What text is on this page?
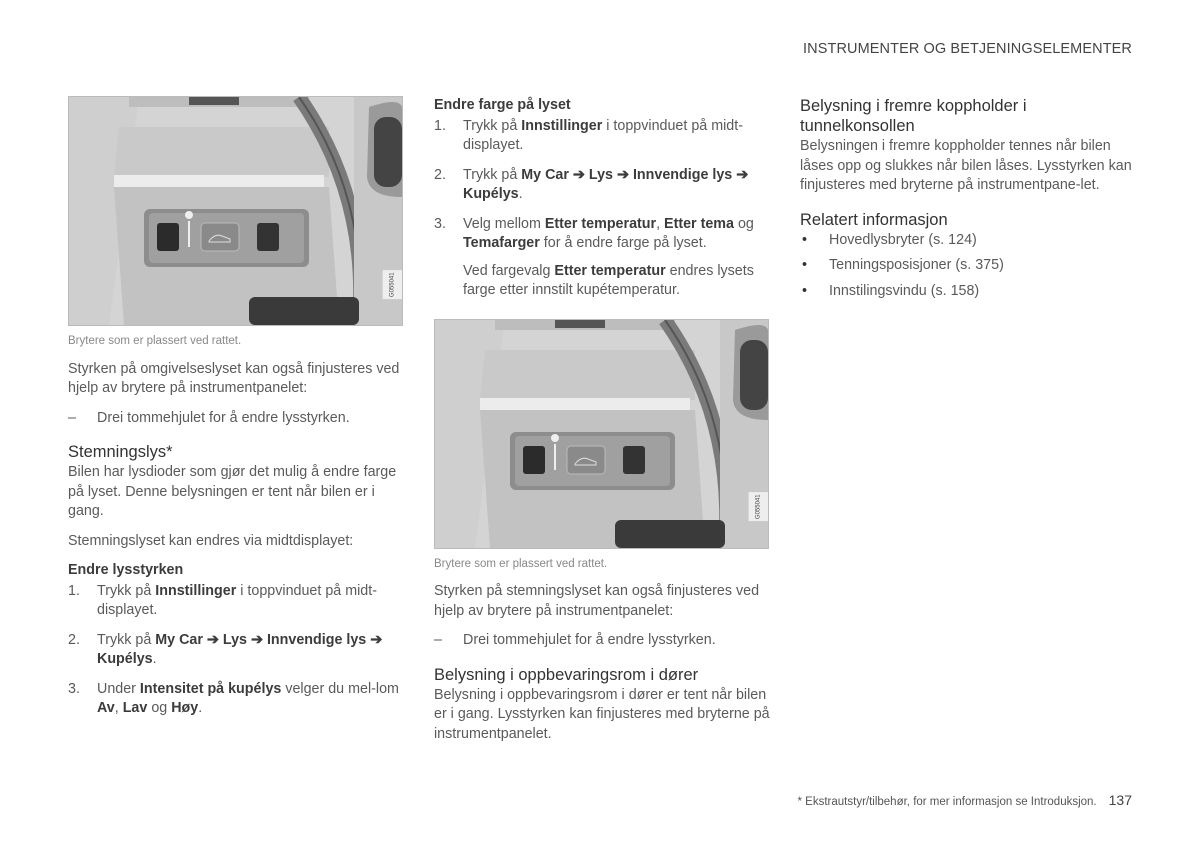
INSTRUMENTER OG BETJENINGSELEMENTER
G055041
Brytere som er plassert ved rattet.

Styrken på omgivelseslyset kan også finjusteres ved hjelp av brytere på instrumentpanelet:

– Drei tommehjulet for å endre lysstyrken.
Stemningslys*

Bilen har lysdioder som gjør det mulig å endre farge på lyset. Denne belysningen er tent når bilen er i gang.

Stemningslyset kan endres via midtdisplayet:

Endre lysstyrken
1. Trykk på Innstillinger i toppvinduet på midt-displayet.
2. Trykk på My Car ➔ Lys ➔ Innvendige lys ➔ Kupélys.
3. Under Intensitet på kupélys velger du mel-lom Av, Lav og Høy.
Endre farge på lyset
1. Trykk på Innstillinger i toppvinduet på midt-displayet.
2. Trykk på My Car ➔ Lys ➔ Innvendige lys ➔ Kupélys.
3. Velg mellom Etter temperatur, Etter tema og Temafarger for å endre farge på lyset.

Ved fargevalg Etter temperatur endres lysets farge etter innstilt kupétemperatur.

G055041
Brytere som er plassert ved rattet.

Styrken på stemningslyset kan også finjusteres ved hjelp av brytere på instrumentpanelet:

– Drei tommehjulet for å endre lysstyrken.
Belysning i oppbevaringsrom i dører

Belysning i oppbevaringsrom i dører er tent når bilen er i gang. Lysstyrken kan finjusteres med bryterne på instrumentpanelet.

Belysning i fremre koppholder i tunnelkonsollen

Belysningen i fremre koppholder tennes når bilen låses opp og slukkes når bilen låses. Lysstyrken kan finjusteres med bryterne på instrumentpane-let.

Relatert informasjon
• Hovedlysbryter (s. 124)
• Tenningsposisjoner (s. 375)
• Innstilingsvindu (s. 158)
* Ekstrautstyr/tilbehør, for mer informasjon se Introduksjon. 137
